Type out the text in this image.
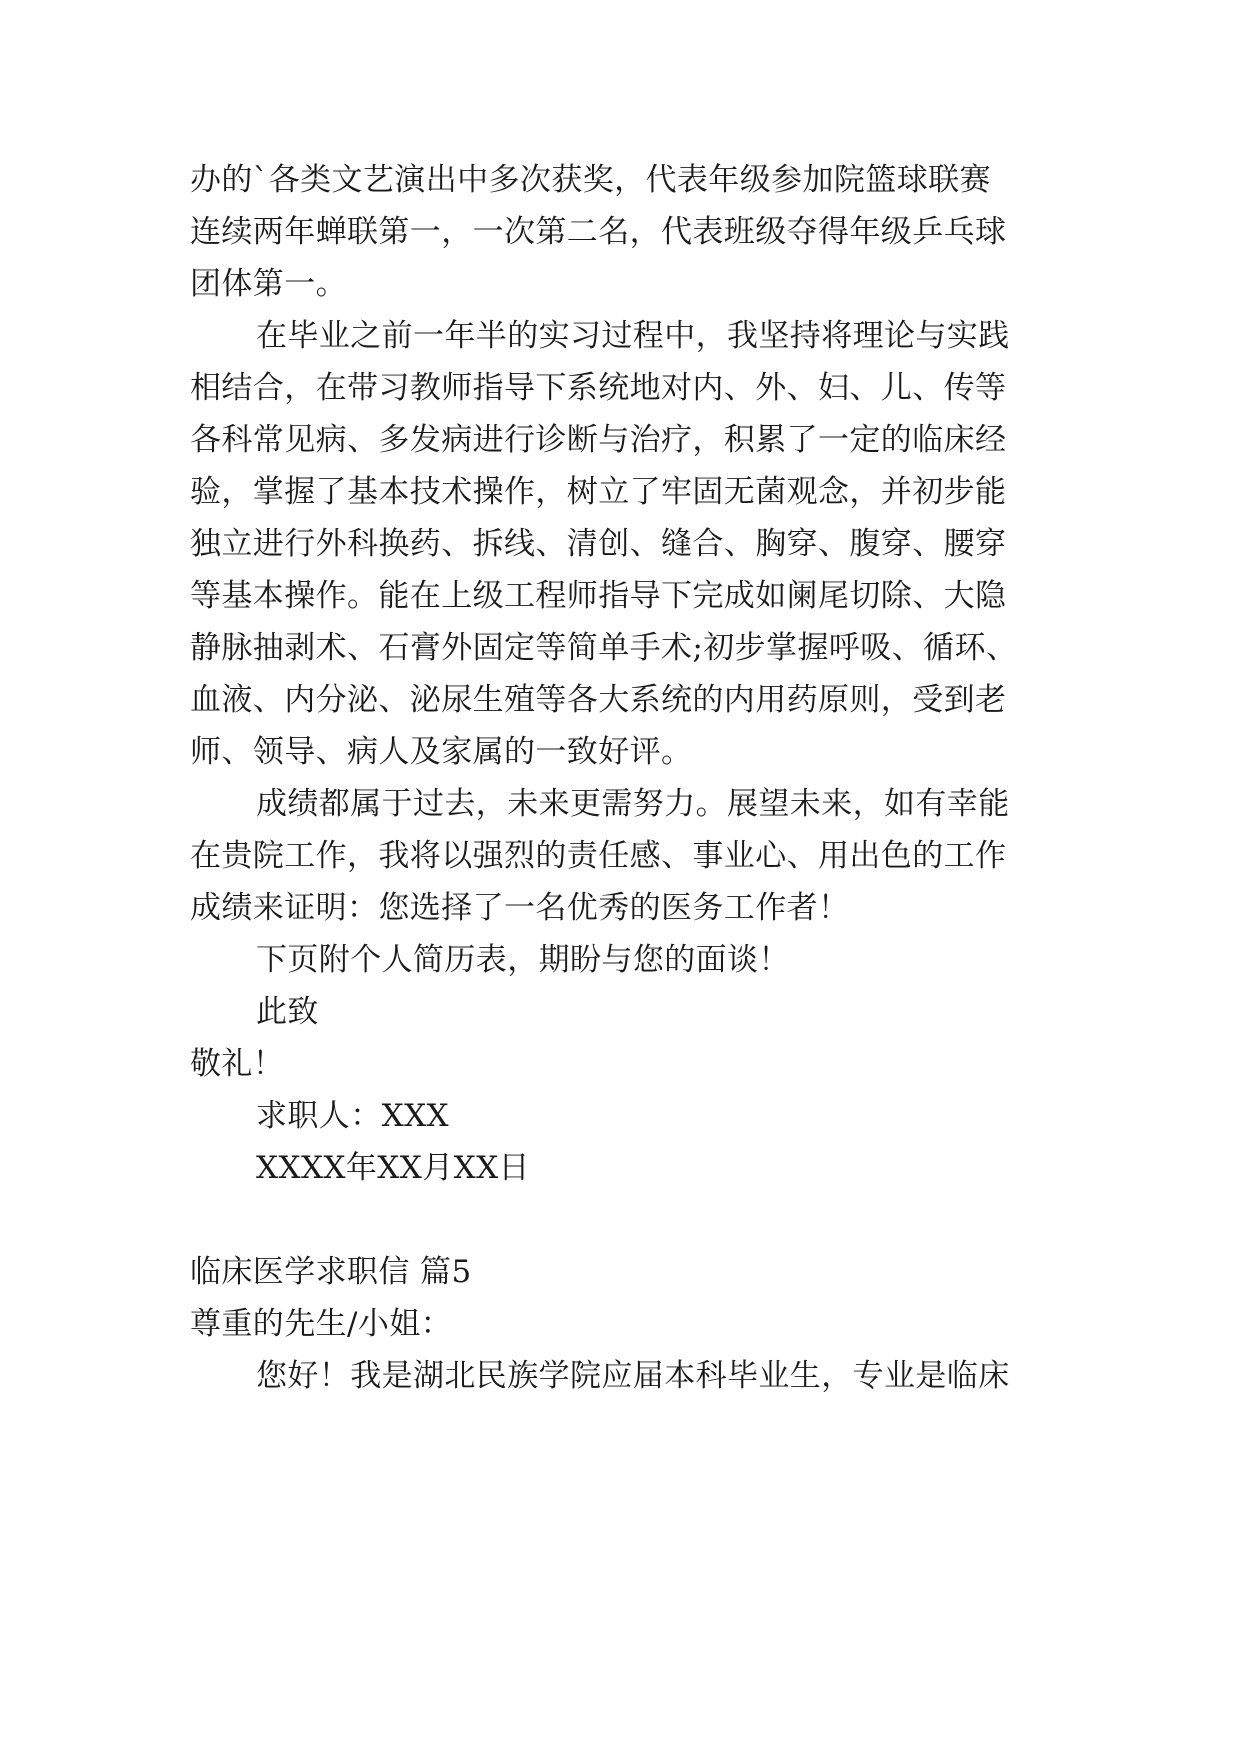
办的`各类文艺演出中多次获奖，代表年级参加院篮球联赛
连续两年蝉联第一，一次第二名，代表班级夺得年级乒乓球
团体第一。
在毕业之前一年半的实习过程中，我坚持将理论与实践
相结合，在带习教师指导下系统地对内、外、妇、儿、传等
各科常见病、多发病进行诊断与治疗，积累了一定的临床经
验，掌握了基本技术操作，树立了牢固无菌观念，并初步能
独立进行外科换药、拆线、清创、缝合、胸穿、腹穿、腰穿
等基本操作。能在上级工程师指导下完成如阑尾切除、大隐
静脉抽剥术、石膏外固定等简单手术;初步掌握呼吸、循环、
血液、内分泌、泌尿生殖等各大系统的内用药原则，受到老
师、领导、病人及家属的一致好评。
成绩都属于过去，未来更需努力。展望未来，如有幸能
在贵院工作，我将以强烈的责任感、事业心、用出色的工作
成绩来证明：您选择了一名优秀的医务工作者！
下页附个人简历表，期盼与您的面谈！
此致
敬礼！
求职人：XXX
XXXX年XX月XX日
临床医学求职信 篇5
尊重的先生/小姐：
您好！我是湖北民族学院应届本科毕业生，专业是临床
